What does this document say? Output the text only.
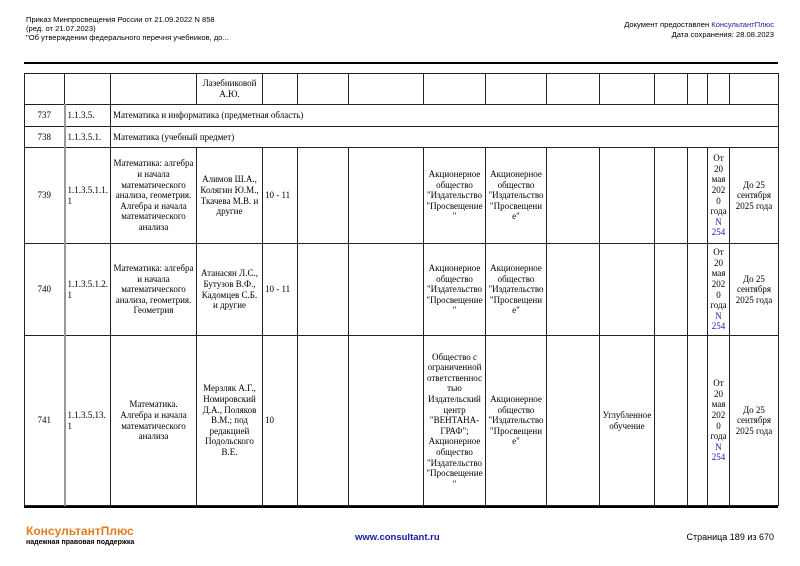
Приказ Минпросвещения России от 21.09.2022 N 858
(ред. от 21.07.2023)
"Об утверждении федерального перечня учебников, до...
Документ предоставлен КонсультантПлюс
Дата сохранения: 28.08.2023
			Лазебниковой А.Ю.											
737	1.1.3.5.	Математика и информатика (предметная область)												
738	1.1.3.5.1.	Математика (учебный предмет)												
739	1.1.3.5.1.1.1	Математика: алгебра и начала математического анализа, геометрия. Алгебра и начала математического анализа	Алимов Ш.А., Колягин Ю.М., Ткачева М.В. и другие	10 - 11			Акционерное общество "Издательство "Просвещение"	Акционерное общество "Издательство "Просвещение"					От 20 мая 2020 года N 254	До 25 сентября 2025 года
740	1.1.3.5.1.2.1	Математика: алгебра и начала математического анализа, геометрия. Геометрия	Атанасян Л.С., Бутузов В.Ф., Кадомцев С.Б. и другие	10 - 11			Акционерное общество "Издательство "Просвещение"	Акционерное общество "Издательство "Просвещение"					От 20 мая 2020 года N 254	До 25 сентября 2025 года
741	1.1.3.5.13.1	Математика. Алгебра и начала математического анализа	Мерзляк А.Г., Номировский Д.А., Поляков В.М.; под редакцией Подольского В.Е.	10			Общество с ограниченной ответственностью Издательский центр "ВЕНТАНА-ГРАФ"; Акционерное общество "Издательство "Просвещение"	Акционерное общество "Издательство "Просвещение"		Углубленное обучение			От 20 мая 2020 года N 254	До 25 сентября 2025 года
КонсультантПлюс
надежная правовая поддержка	www.consultant.ru	Страница 189 из 670
